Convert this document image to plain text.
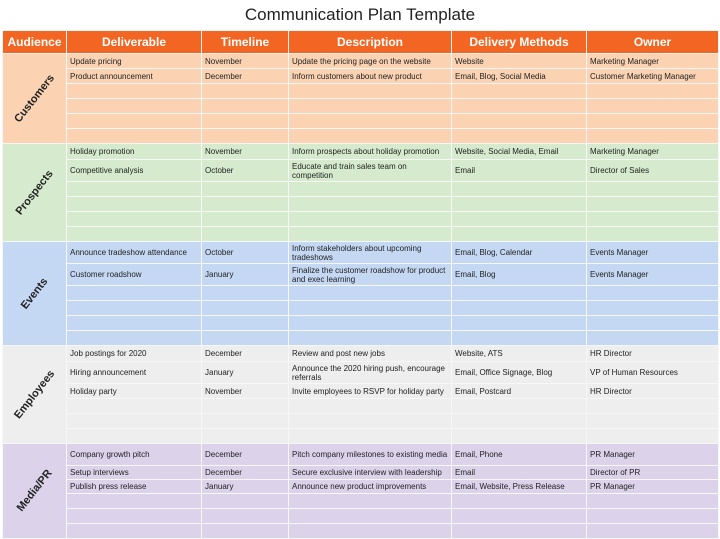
Communication Plan Template
Audience	Deliverable	Timeline	Description	Delivery Methods	Owner

Customers	Update pricing	November	Update the pricing page on the website	Website	Marketing Manager
	Product announcement	December	Inform customers about new product	Email, Blog, Social Media	Customer Marketing Manager

Prospects	Holiday promotion	November	Inform prospects about holiday promotion	Website, Social Media, Email	Marketing Manager
	Competitive analysis	October	Educate and train sales team on competition	Email	Director of Sales

Events	Announce tradeshow attendance	October	Inform stakeholders about upcoming tradeshows	Email, Blog, Calendar	Events Manager
	Customer roadshow	January	Finalize the customer roadshow for product and exec learning	Email, Blog	Events Manager

Employees	Job postings for 2020	December	Review and post new jobs	Website, ATS	HR Director
	Hiring announcement	January	Announce the 2020 hiring push, encourage referrals	Email, Office Signage, Blog	VP of Human Resources
	Holiday party	November	Invite employees to RSVP for holiday party	Email, Postcard	HR Director

Media/PR	Company growth pitch	December	Pitch company milestones to existing media	Email, Phone	PR Manager
	Setup interviews	December	Secure exclusive interview with leadership	Email	Director of PR
	Publish press release	January	Announce new product improvements	Email, Website, Press Release	PR Manager
